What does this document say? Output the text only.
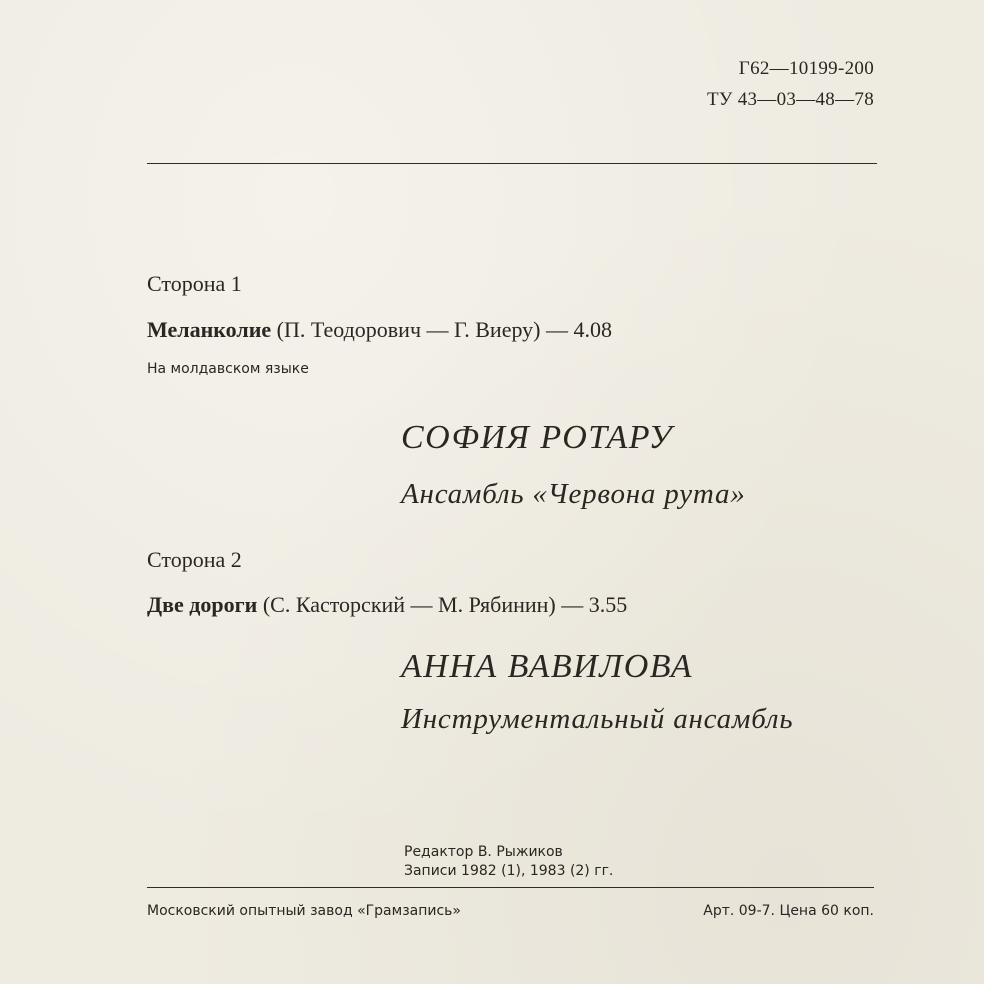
Г62—10199-200
ТУ 43—03—48—78
Сторона 1
Меланколие (П. Теодорович — Г. Виеру) — 4.08
На молдавском языке
СОФИЯ РОТАРУ
Ансамбль «Червона рута»
Сторона 2
Две дороги (С. Касторский — М. Рябинин) — 3.55
АННА ВАВИЛОВА
Инструментальный ансамбль
Редактор В. Рыжиков
Записи 1982 (1), 1983 (2) гг.
Московский опытный завод «Грамзапись»	Арт. 09-7. Цена 60 коп.
